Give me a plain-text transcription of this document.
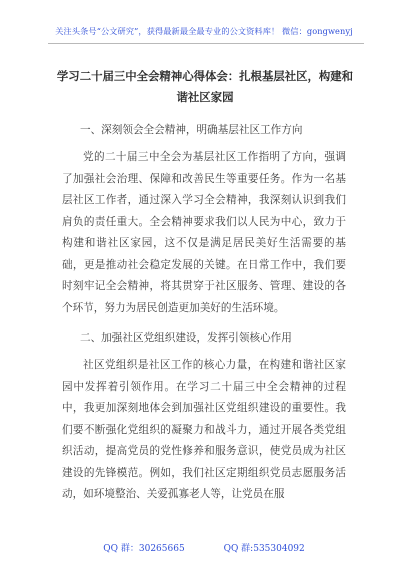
关注头条号“公文研究”，获得最新最全最专业的公文资料库！ 微信：gongwenyj
学习二十届三中全会精神心得体会：扎根基层社区，构建和谐社区家园
一、深刻领会全会精神，明确基层社区工作方向
党的二十届三中全会为基层社区工作指明了方向，强调了加强社会治理、保障和改善民生等重要任务。作为一名基层社区工作者，通过深入学习全会精神，我深刻认识到我们肩负的责任重大。全会精神要求我们以人民为中心，致力于构建和谐社区家园，这不仅是满足居民美好生活需要的基础，更是推动社会稳定发展的关键。在日常工作中，我们要时刻牢记全会精神，将其贯穿于社区服务、管理、建设的各个环节，努力为居民创造更加美好的生活环境。
二、加强社区党组织建设，发挥引领核心作用
社区党组织是社区工作的核心力量，在构建和谐社区家园中发挥着引领作用。在学习二十届三中全会精神的过程中，我更加深刻地体会到加强社区党组织建设的重要性。我们要不断强化党组织的凝聚力和战斗力，通过开展各类党组织活动，提高党员的党性修养和服务意识，使党员成为社区建设的先锋模范。例如，我们社区定期组织党员志愿服务活动，如环境整治、关爱孤寡老人等，让党员在服
QQ 群：30265665	QQ 群:535304092
